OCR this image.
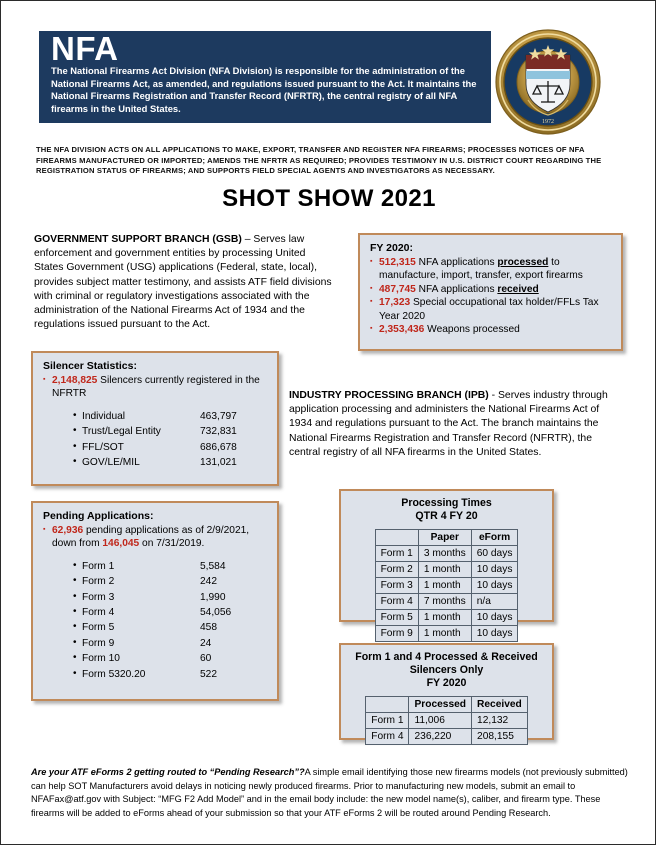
NFA
The National Firearms Act Division (NFA Division) is responsible for the administration of the National Firearms Act, as amended, and regulations issued pursuant to the Act. It maintains the National Firearms Registration and Transfer Record (NFRTR), the central registry of all NFA firearms in the United States.
1972
THE NFA DIVISION ACTS ON ALL APPLICATIONS TO MAKE, EXPORT, TRANSFER AND REGISTER NFA FIREARMS; PROCESSES NOTICES OF NFA FIREARMS MANUFACTURED OR IMPORTED; AMENDS THE NFRTR AS REQUIRED; PROVIDES TESTIMONY IN U.S. DISTRICT COURT REGARDING THE REGISTRATION STATUS OF FIREARMS; AND SUPPORTS FIELD SPECIAL AGENTS AND INVESTIGATORS AS NECESSARY.
SHOT SHOW 2021
GOVERNMENT SUPPORT BRANCH (GSB) – Serves law enforcement and government entities by processing United States Government (USG) applications (Federal, state, local), provides subject matter testimony, and assists ATF field divisions with criminal or regulatory investigations associated with the administration of the National Firearms Act of 1934 and the regulations issued pursuant to the Act.
FY 2020:
▪ 512,315 NFA applications processed to manufacture, import, transfer, export firearms
▪ 487,745 NFA applications received
▪ 17,323 Special occupational tax holder/FFLs Tax Year 2020
▪ 2,353,436 Weapons processed
Silencer Statistics:
▪ 2,148,825 Silencers currently registered in the NFRTR
• Individual	463,797
• Trust/Legal Entity	732,831
• FFL/SOT	686,678
• GOV/LE/MIL	131,021
INDUSTRY PROCESSING BRANCH (IPB) - Serves industry through application processing and administers the National Firearms Act of 1934 and regulations pursuant to the Act. The branch maintains the National Firearms Registration and Transfer Record (NFRTR), the central registry of all NFA firearms in the United States.
Pending Applications:
▪ 62,936 pending applications as of 2/9/2021, down from 146,045 on 7/31/2019.
• Form 1	5,584
• Form 2	242
• Form 3	1,990
• Form 4	54,056
• Form 5	458
• Form 9	24
• Form 10	60
• Form 5320.20	522
Processing Times
QTR 4 FY 20
	Paper	eForm
Form 1	3 months	60 days
Form 2	1 month	10 days
Form 3	1 month	10 days
Form 4	7 months	n/a
Form 5	1 month	10 days
Form 9	1 month	10 days
Form 1 and 4 Processed & Received
Silencers Only
FY 2020
	Processed	Received
Form 1	11,006	12,132
Form 4	236,220	208,155
Are your ATF eForms 2 getting routed to “Pending Research”?A simple email identifying those new firearms models (not previously submitted) can help SOT Manufacturers avoid delays in noticing newly produced firearms. Prior to manufacturing new models, submit an email to NFAFax@atf.gov with Subject: “MFG F2 Add Model” and in the email body include: the new model name(s), caliber, and firearm type. These firearms will be added to eForms ahead of your submission so that your ATF eForms 2 will be routed around Pending Research.
